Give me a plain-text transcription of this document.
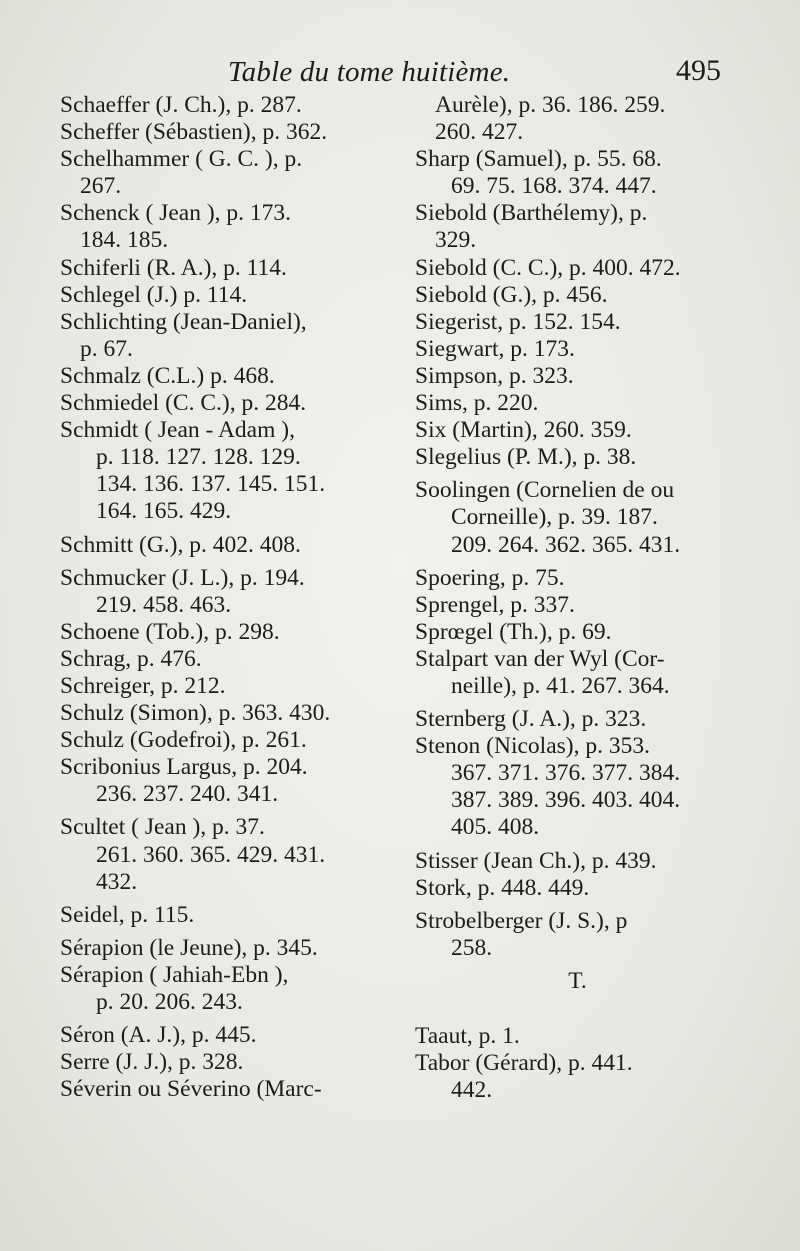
Table du tome huitième.	495
Schaeffer (J. Ch.), p. 287.
Scheffer (Sébastien), p. 362.
Schelhammer ( G. C. ), p.
267.
Schenck ( Jean ), p. 173.
184. 185.
Schiferli (R. A.), p. 114.
Schlegel (J.) p. 114.
Schlichting (Jean-Daniel),
p. 67.
Schmalz (C.L.) p. 468.
Schmiedel (C. C.), p. 284.
Schmidt ( Jean - Adam ),
p. 118. 127. 128. 129.
134. 136. 137. 145. 151.
164. 165. 429.
Schmitt (G.), p. 402. 408.
Schmucker (J. L.), p. 194.
219. 458. 463.
Schoene (Tob.), p. 298.
Schrag, p. 476.
Schreiger, p. 212.
Schulz (Simon), p. 363. 430.
Schulz (Godefroi), p. 261.
Scribonius Largus, p. 204.
236. 237. 240. 341.
Scultet ( Jean ), p. 37.
261. 360. 365. 429. 431.
432.
Seidel, p. 115.
Sérapion (le Jeune), p. 345.
Sérapion ( Jahiah-Ebn ),
p. 20. 206. 243.
Séron (A. J.), p. 445.
Serre (J. J.), p. 328.
Séverin ou Séverino (Marc-
Aurèle), p. 36. 186. 259.
260. 427.
Sharp (Samuel), p. 55. 68.
69. 75. 168. 374. 447.
Siebold (Barthélemy), p.
329.
Siebold (C. C.), p. 400. 472.
Siebold (G.), p. 456.
Siegerist, p. 152. 154.
Siegwart, p. 173.
Simpson, p. 323.
Sims, p. 220.
Six (Martin), 260. 359.
Slegelius (P. M.), p. 38.
Soolingen (Cornelien de ou
Corneille), p. 39. 187.
209. 264. 362. 365. 431.
Spoering, p. 75.
Sprengel, p. 337.
Sprœgel (Th.), p. 69.
Stalpart van der Wyl (Cor-
neille), p. 41. 267. 364.
Sternberg (J. A.), p. 323.
Stenon (Nicolas), p. 353.
367. 371. 376. 377. 384.
387. 389. 396. 403. 404.
405. 408.
Stisser (Jean Ch.), p. 439.
Stork, p. 448. 449.
Strobelberger (J. S.), p
258.
T.
Taaut, p. 1.
Tabor (Gérard), p. 441.
442.
